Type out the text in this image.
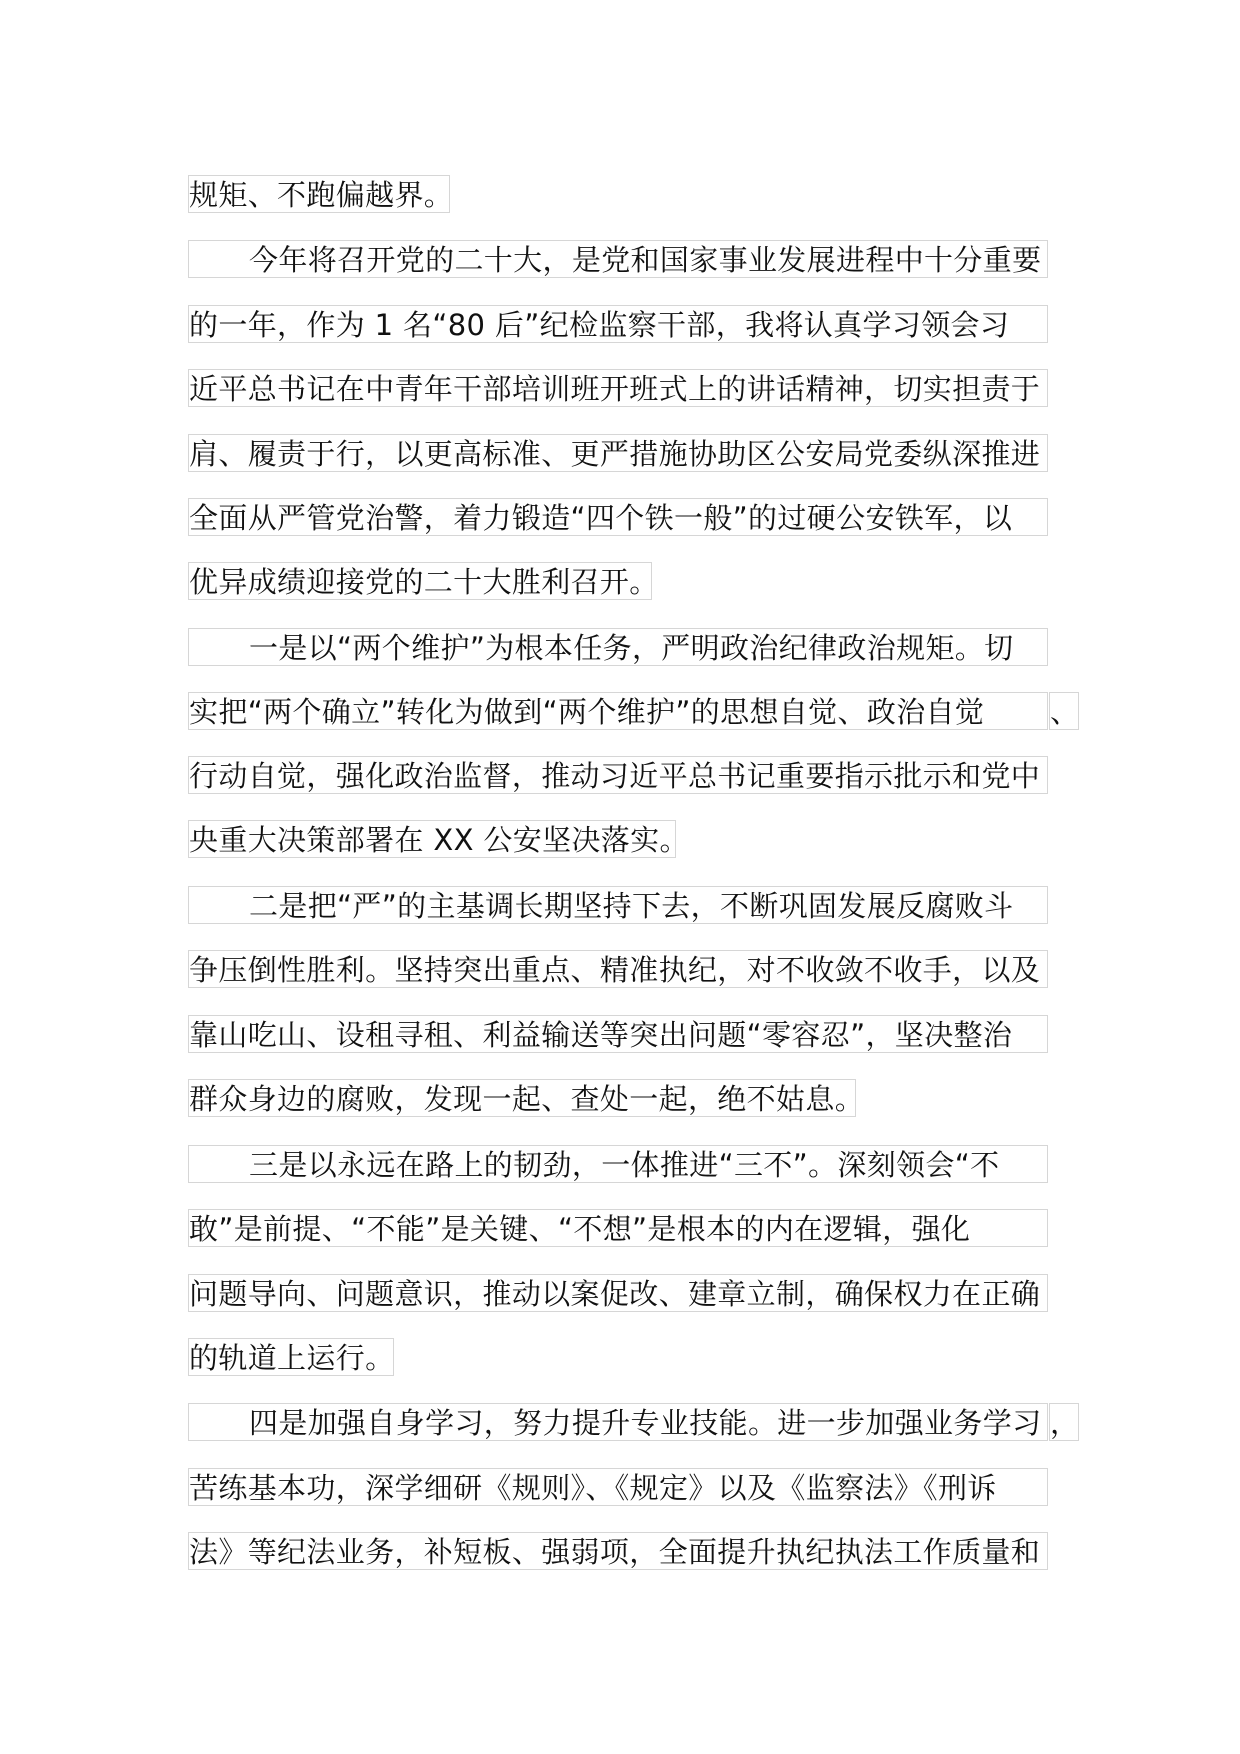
规矩、不跑偏越界。
今年将召开党的二十大，是党和国家事业发展进程中十分重要
的一年，作为 1 名“80 后”纪检监察干部，我将认真学习领会习
近平总书记在中青年干部培训班开班式上的讲话精神，切实担责于
肩、履责于行，以更高标准、更严措施协助区公安局党委纵深推进
全面从严管党治警，着力锻造“四个铁一般”的过硬公安铁军，以
优异成绩迎接党的二十大胜利召开。
一是以“两个维护”为根本任务，严明政治纪律政治规矩。切
实把“两个确立”转化为做到“两个维护”的思想自觉、政治自觉	、
行动自觉，强化政治监督，推动习近平总书记重要指示批示和党中
央重大决策部署在 XX 公安坚决落实。
二是把“严”的主基调长期坚持下去，不断巩固发展反腐败斗
争压倒性胜利。坚持突出重点、精准执纪，对不收敛不收手，以及
靠山吃山、设租寻租、利益输送等突出问题“零容忍”，坚决整治
群众身边的腐败，发现一起、查处一起，绝不姑息。
三是以永远在路上的韧劲，一体推进“三不”。深刻领会“不
敢”是前提、“不能”是关键、“不想”是根本的内在逻辑，强化
问题导向、问题意识，推动以案促改、建章立制，确保权力在正确
的轨道上运行。
四是加强自身学习，努力提升专业技能。进一步加强业务学习 ，
苦练基本功，深学细研《规则》、《规定》以及《监察法》《刑诉
法》等纪法业务，补短板、强弱项，全面提升执纪执法工作质量和
